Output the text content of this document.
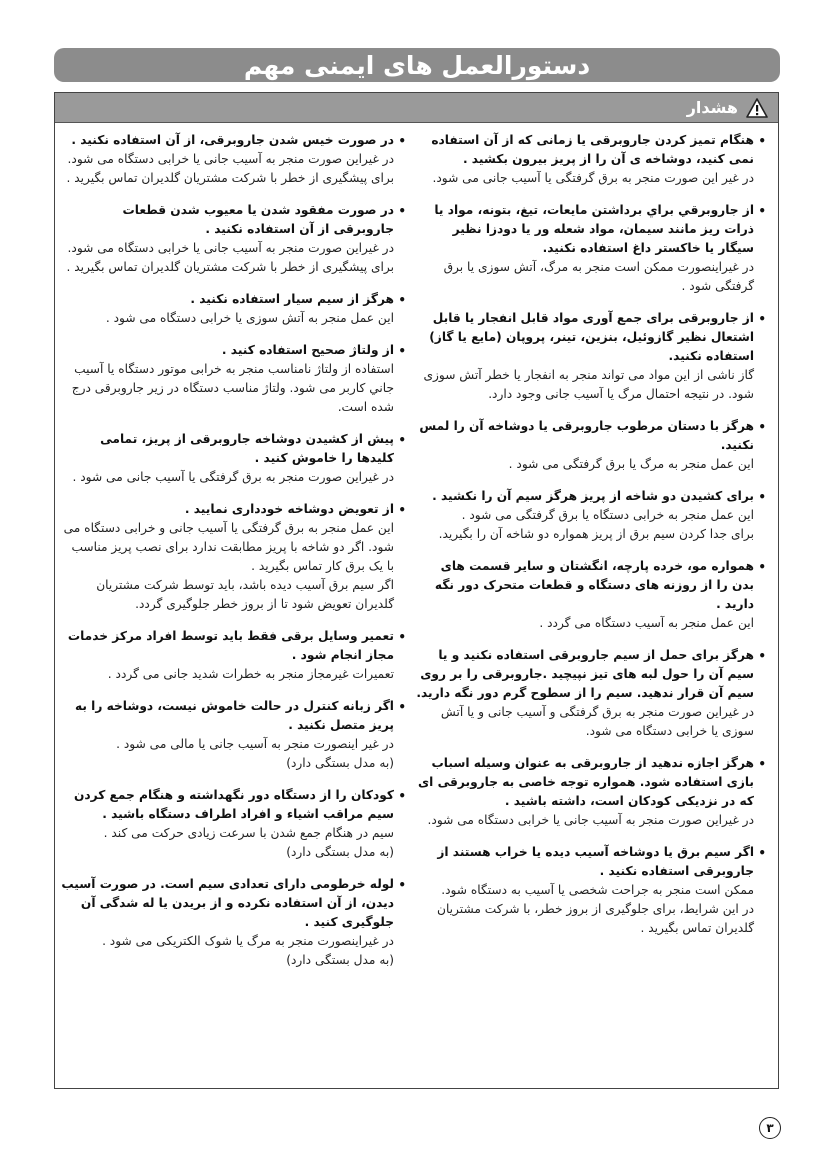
دستورالعمل های ایمنی مهم
هشدار
•
هنگام تمیز کردن جاروبرقی یا زمانی که از آن استفاده نمی کنید، دوشاخه ی آن را از پریز بیرون بکشید .
در غیر این صورت منجر به برق گرفتگی یا آسیب جانی می شود.
•
از جاروبرقي براي برداشتن مایعات، تیغ، بتونه، مواد یا ذرات ریز مانند سیمان، مواد شعله ور یا دودزا نظیر سیگار یا خاکستر داغ استفاده نکنید.
در غیراینصورت ممکن است منجر به مرگ، آتش سوزی یا برق گرفتگی شود .
•
از جاروبرقی برای جمع آوری مواد قابل انفجار یا قابل اشتعال نظیر گازوئیل، بنزین، تینر، پروپان (مایع یا گاز) استفاده نکنید.
گاز ناشی از این مواد می تواند منجر به انفجار یا خطر آتش سوزی شود. در نتیجه احتمال مرگ یا آسیب جانی وجود دارد.
•
هرگز با دستان مرطوب جاروبرقی یا دوشاخه آن را لمس نکنید.
این عمل منجر به مرگ یا برق گرفتگی می شود .
•
برای کشیدن دو شاخه از پریز هرگز سیم آن را نکشید .
این عمل منجر به خرابی دستگاه یا برق گرفتگی می شود .
برای جدا کردن سیم برق از پریز همواره دو شاخه آن را بگیرید.
•
همواره مو، خرده پارچه، انگشتان و سایر قسمت های بدن را از روزنه های دستگاه و قطعات متحرک دور نگه دارید .
این عمل منجر به آسیب دستگاه می گردد .
•
هرگز برای حمل از سیم جاروبرقی استفاده نکنید و یا سیم آن را حول لبه های تیز نپیچید .جاروبرقی را بر روی سیم آن قرار ندهید. سیم را از سطوح گرم دور نگه دارید.
در غیراین صورت منجر به برق گرفتگی و آسیب جانی و یا آتش سوزی یا خرابی دستگاه می شود.
•
هرگز اجازه ندهید از جاروبرقی به عنوان وسیله اسباب بازی استفاده شود. همواره توجه خاصی به جاروبرقی ای که در نزدیکی کودکان است، داشته باشید .
در غیراین صورت منجر به آسیب جانی یا خرابی دستگاه می شود.
•
اگر سیم برق یا دوشاخه آسیب دیده یا خراب هستند از جاروبرقی استفاده نکنید .
ممکن است منجر به جراحت شخصی یا آسیب به دستگاه شود.
در این شرایط، برای جلوگیری از بروز خطر، با شرکت مشتریان گلدیران تماس بگیرید .
•
در صورت خیس شدن جاروبرقی، از آن استفاده نکنید .
در غیراین صورت منجر به آسیب جانی یا خرابی دستگاه می شود.
برای پیشگیری از خطر با شرکت مشتریان گلدیران تماس بگیرید .
•
در صورت مفقود شدن یا معیوب شدن قطعات جاروبرقی از آن استفاده نکنید .
در غیراین صورت منجر به آسیب جانی یا خرابی دستگاه می شود.
برای پیشگیری از خطر با شرکت مشتریان گلدیران تماس بگیرید .
•
هرگز از سیم سیار استفاده نکنید .
این عمل منجر به آتش سوزی یا خرابی دستگاه می شود .
•
از ولتاژ صحیح استفاده کنید .
استفاده از ولتاژ نامناسب منجر به خرابی موتور دستگاه یا آسیب جاني کاربر می شود. ولتاژ مناسب دستگاه در زیر جاروبرقی درج شده است.
•
پیش از کشیدن دوشاخه جاروبرقی از پریز، تمامی کلیدها را خاموش کنید .
در غیراین صورت منجر به برق گرفتگی یا آسیب جانی می شود .
•
از تعویض دوشاخه خودداری نمایید .
این عمل منجر به برق گرفتگی یا آسیب جانی و خرابی دستگاه می شود. اگر دو شاخه با پریز مطابقت ندارد برای نصب پریز مناسب با یک برق کار تماس بگیرید .
اگر سیم برق آسیب دیده باشد، باید توسط شرکت مشتریان گلدیران تعویض شود تا از بروز خطر جلوگیری گردد.
•
تعمیر وسایل برقی فقط باید توسط افراد مرکز خدمات مجاز انجام شود .
تعمیرات غیرمجاز منجر به خطرات شدید جانی می گردد .
•
اگر زبانه کنترل در حالت خاموش نیست، دوشاخه را به پریز متصل نکنید .
در غیر اینصورت منجر به آسیب جانی یا مالی می شود .
(به مدل بستگی دارد)
•
کودکان را از دستگاه دور نگهداشته و هنگام جمع کردن سیم مراقب اشیاء و افراد اطراف دستگاه باشید .
سیم در هنگام جمع شدن با سرعت زیادی حرکت می کند .
(به مدل بستگی دارد)
•
لوله خرطومی دارای تعدادی سیم است. در صورت آسیب دیدن، از آن استفاده نکرده و از بریدن یا له شدگی آن جلوگیری کنید .
در غیراینصورت منجر به مرگ یا شوک الکتریکی می شود .
(به مدل بستگی دارد)
۳
